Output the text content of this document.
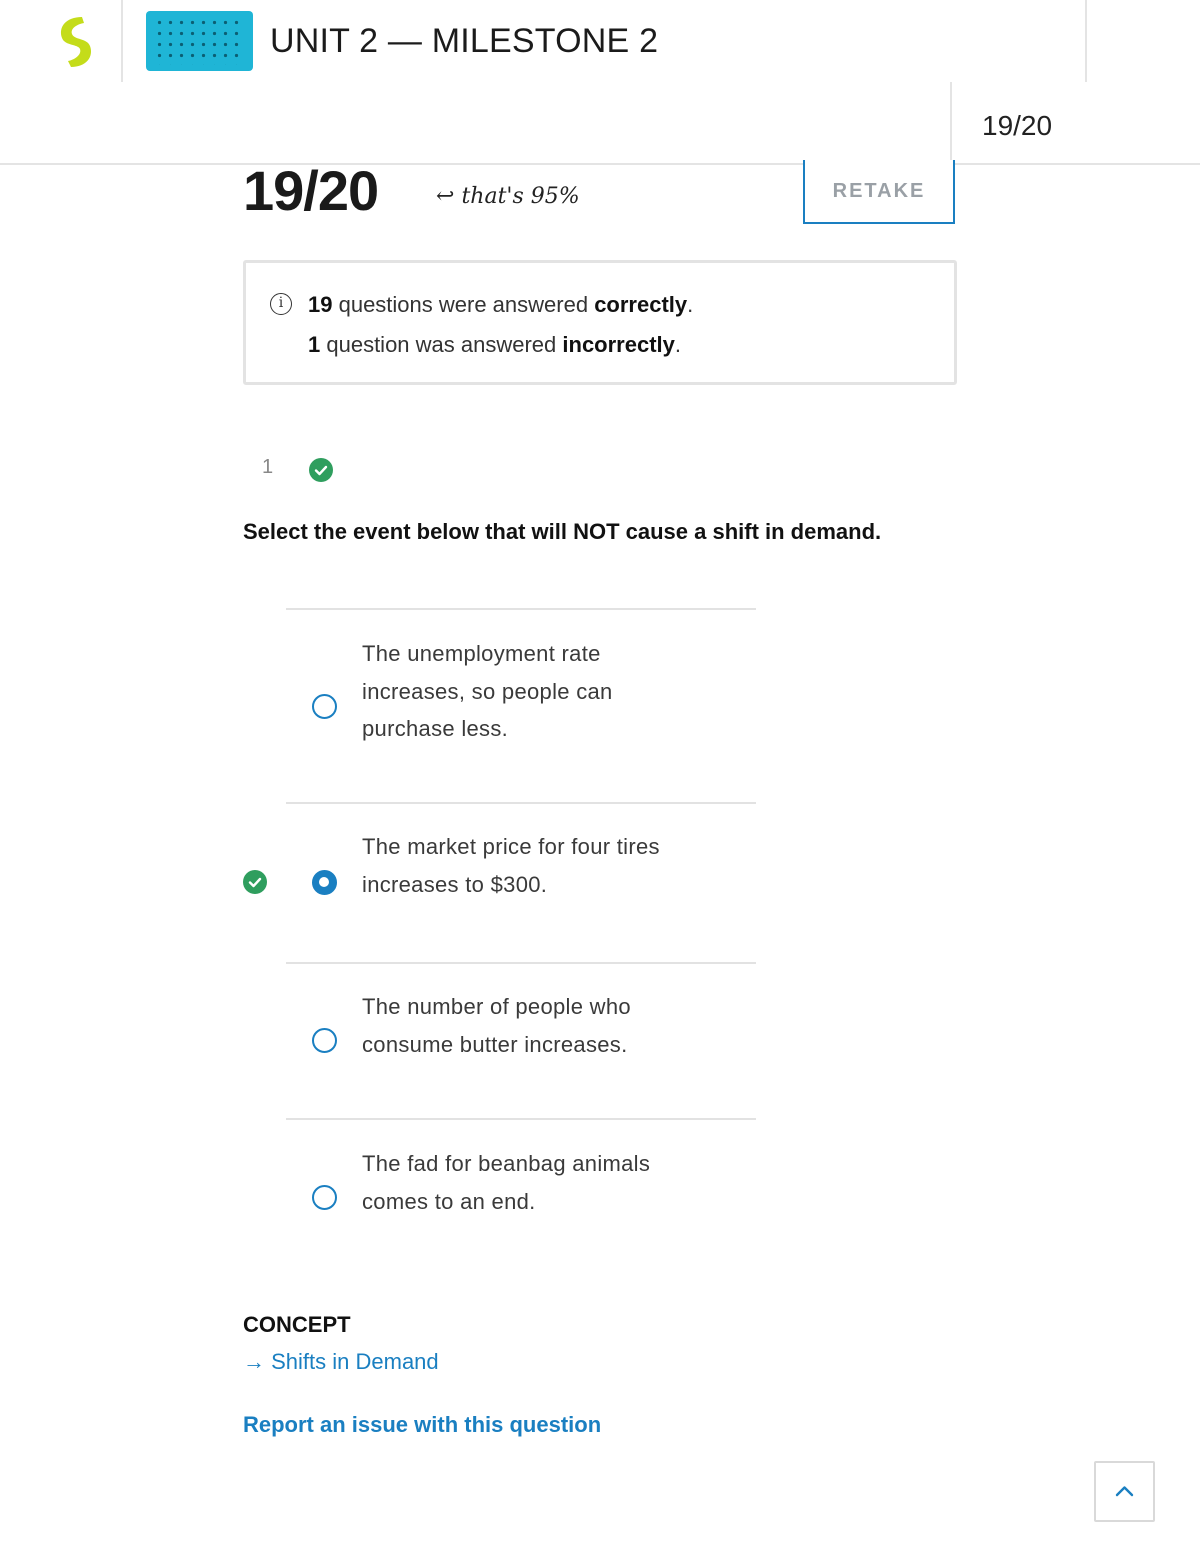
UNIT 2 — MILESTONE 2
19/20
19/20	↩ that's 95%	RETAKE
i	19 questions were answered correctly.
1 question was answered incorrectly.
1
Select the event below that will NOT cause a shift in demand.
The unemployment rate increases, so people can purchase less.
The market price for four tires increases to $300.
The number of people who consume butter increases.
The fad for beanbag animals comes to an end.
CONCEPT
→ Shifts in Demand
Report an issue with this question
